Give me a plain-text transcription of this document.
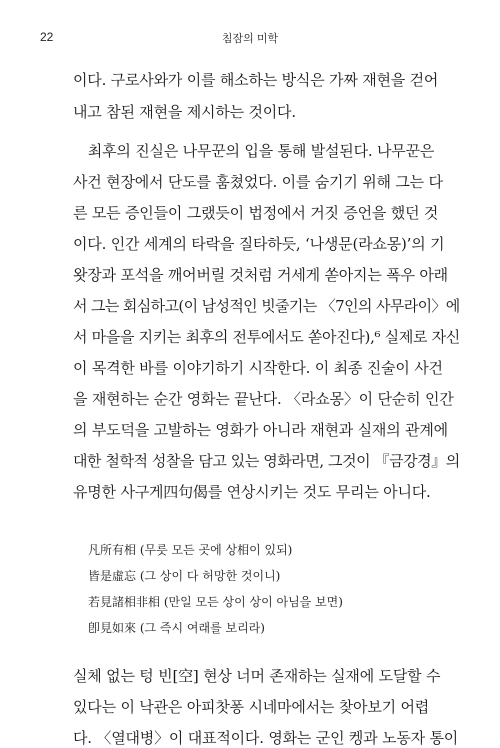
22	침잠의 미학
이다. 구로사와가 이를 해소하는 방식은 가짜 재현을 걷어
내고 참된 재현을 제시하는 것이다.
　최후의 진실은 나무꾼의 입을 통해 발설된다. 나무꾼은
사건 현장에서 단도를 훔쳤었다. 이를 숨기기 위해 그는 다
른 모든 증인들이 그랬듯이 법정에서 거짓 증언을 했던 것
이다. 인간 세계의 타락을 질타하듯, ‘나생문(라쇼몽)’의 기
왓장과 포석을 깨어버릴 것처럼 거세게 쏟아지는 폭우 아래
서 그는 회심하고(이 남성적인 빗줄기는 〈7인의 사무라이〉에
서 마을을 지키는 최후의 전투에서도 쏟아진다),⁶ 실제로 자신
이 목격한 바를 이야기하기 시작한다. 이 최종 진술이 사건
을 재현하는 순간 영화는 끝난다. 〈라쇼몽〉이 단순히 인간
의 부도덕을 고발하는 영화가 아니라 재현과 실재의 관계에
대한 철학적 성찰을 담고 있는 영화라면, 그것이 『금강경』의
유명한 사구게四句偈를 연상시키는 것도 무리는 아니다.
凡所有相 (무릇 모든 곳에 상相이 있되)
皆是虛忘 (그 상이 다 허망한 것이니)
若見諸相非相 (만일 모든 상이 상이 아님을 보면)
卽見如來 (그 즉시 여래를 보리라)
실체 없는 텅 빈[空] 현상 너머 존재하는 실재에 도달할 수
있다는 이 낙관은 아피찻퐁 시네마에서는 찾아보기 어렵
다. 〈열대병〉이 대표적이다. 영화는 군인 켕과 노동자 통이
